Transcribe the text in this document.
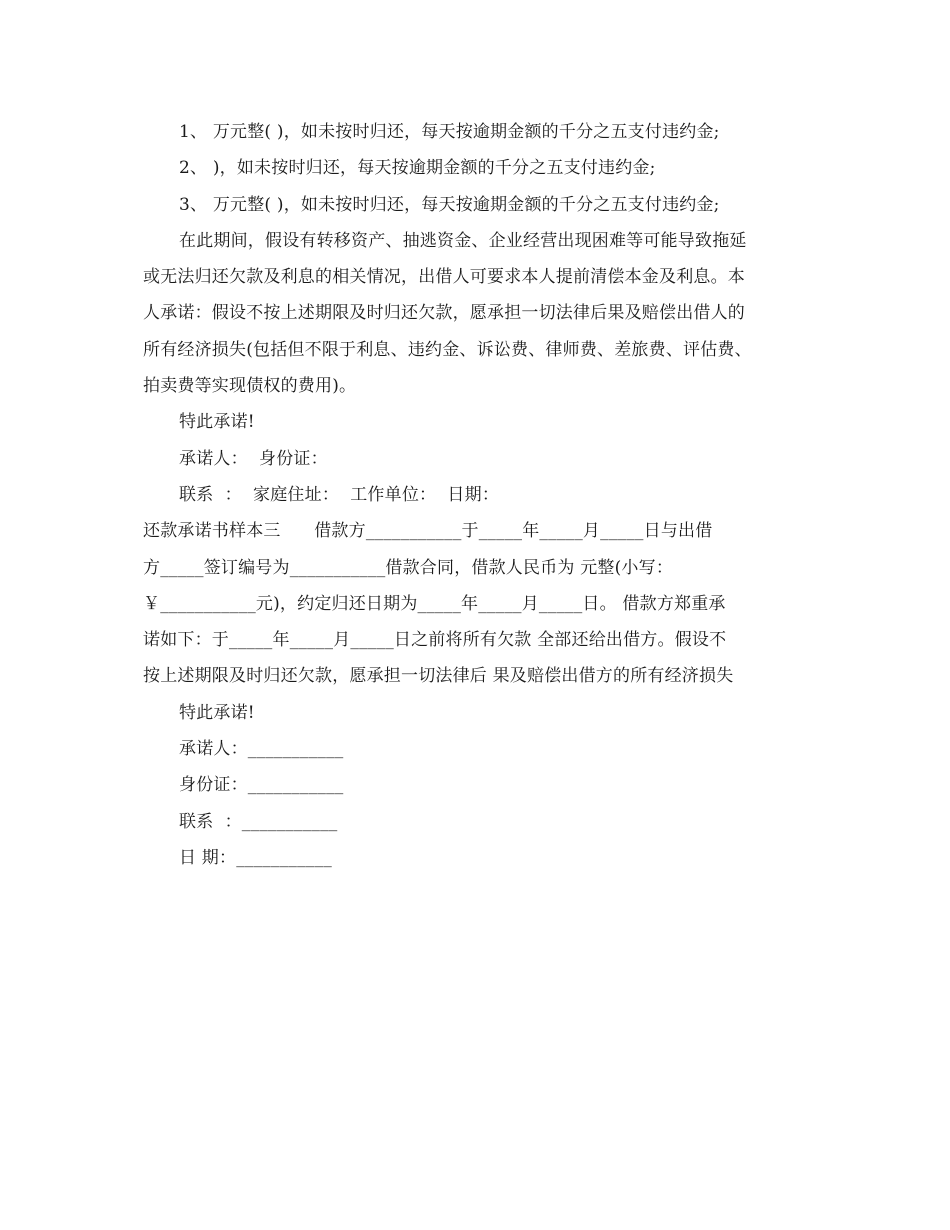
1、 万元整( )，如未按时归还，每天按逾期金额的千分之五支付违约金;
2、 )，如未按时归还，每天按逾期金额的千分之五支付违约金;
3、 万元整( )，如未按时归还，每天按逾期金额的千分之五支付违约金;
在此期间，假设有转移资产、抽逃资金、企业经营出现困难等可能导致拖延
或无法归还欠款及利息的相关情况，出借人可要求本人提前清偿本金及利息。本
人承诺：假设不按上述期限及时归还欠款，愿承担一切法律后果及赔偿出借人的
所有经济损失(包括但不限于利息、违约金、诉讼费、律师费、差旅费、评估费、
拍卖费等实现债权的费用)。
特此承诺!
承诺人：  身份证：
联系  ：  家庭住址：  工作单位：  日期：
还款承诺书样本三      借款方___________于_____年_____月_____日与出借
方_____签订编号为___________借款合同，借款人民币为 元整(小写：
￥___________元)，约定归还日期为_____年_____月_____日。 借款方郑重承
诺如下：于_____年_____月_____日之前将所有欠款 全部还给出借方。假设不
按上述期限及时归还欠款，愿承担一切法律后 果及赔偿出借方的所有经济损失
特此承诺!
承诺人：___________
身份证：___________
联系  ：___________
日 期：___________
